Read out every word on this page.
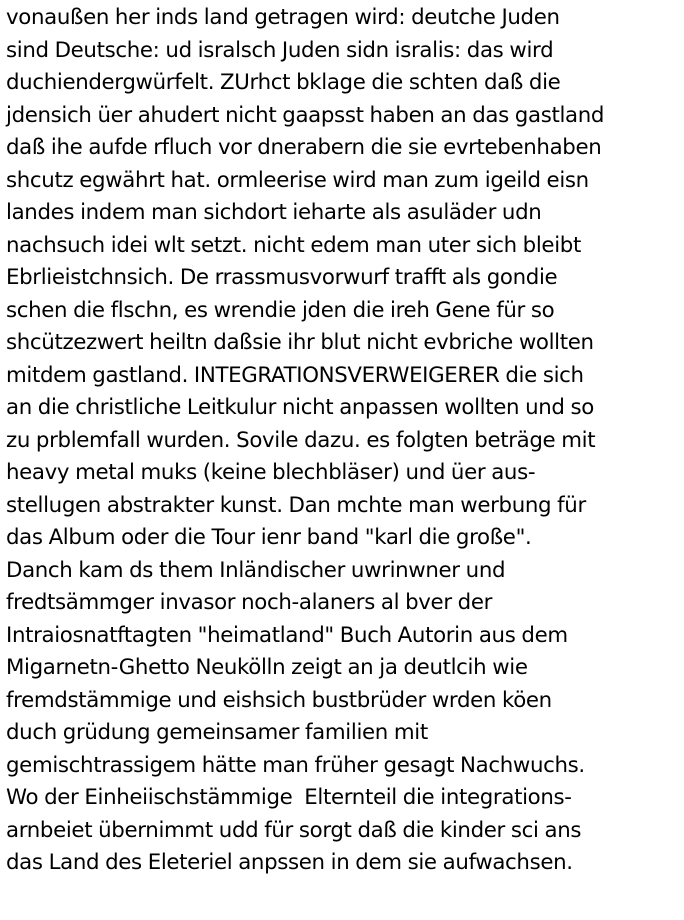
vonaußen her inds land getragen wird: deutche Juden
sind Deutsche: ud isralsch Juden sidn isralis: das wird
duchiendergwürfelt. ZUrhct bklage die schten daß die
jdensich üer ahudert nicht gaapsst haben an das gastland
daß ihe aufde rfluch vor dnerabern die sie evrtebenhaben
shcutz egwährt hat. ormleerise wird man zum igeild eisn
landes indem man sichdort ieharte als asuläder udn
nachsuch idei wlt setzt. nicht edem man uter sich bleibt
Ebrlieistchnsich. De rrassmusvorwurf trafft als gondie
schen die flschn, es wrendie jden die ireh Gene für so
shcützezwert heiltn daßsie ihr blut nicht evbriche wollten
mitdem gastland. INTEGRATIONSVERWEIGERER die sich
an die christliche Leitkulur nicht anpassen wollten und so
zu prblemfall wurden. Sovile dazu. es folgten beträge mit
heavy metal muks (keine blechbläser) und üer aus-
stellugen abstrakter kunst. Dan mchte man werbung für
das Album oder die Tour ienr band "karl die große".
Danch kam ds them Inländischer uwrinwner und
fredtsämmger invasor noch-alaners al bver der
Intraiosnatftagten "heimatland" Buch Autorin aus dem
Migarnetn-Ghetto Neukölln zeigt an ja deutlcih wie
fremdstämmige und eishsich bustbrüder wrden köen
duch grüdung gemeinsamer familien mit
gemischtrassigem hätte man früher gesagt Nachwuchs.
Wo der Einheiischstämmige  Elternteil die integrations-
arnbeiet übernimmt udd für sorgt daß die kinder sci ans
das Land des Eleteriel anpssen in dem sie aufwachsen.
